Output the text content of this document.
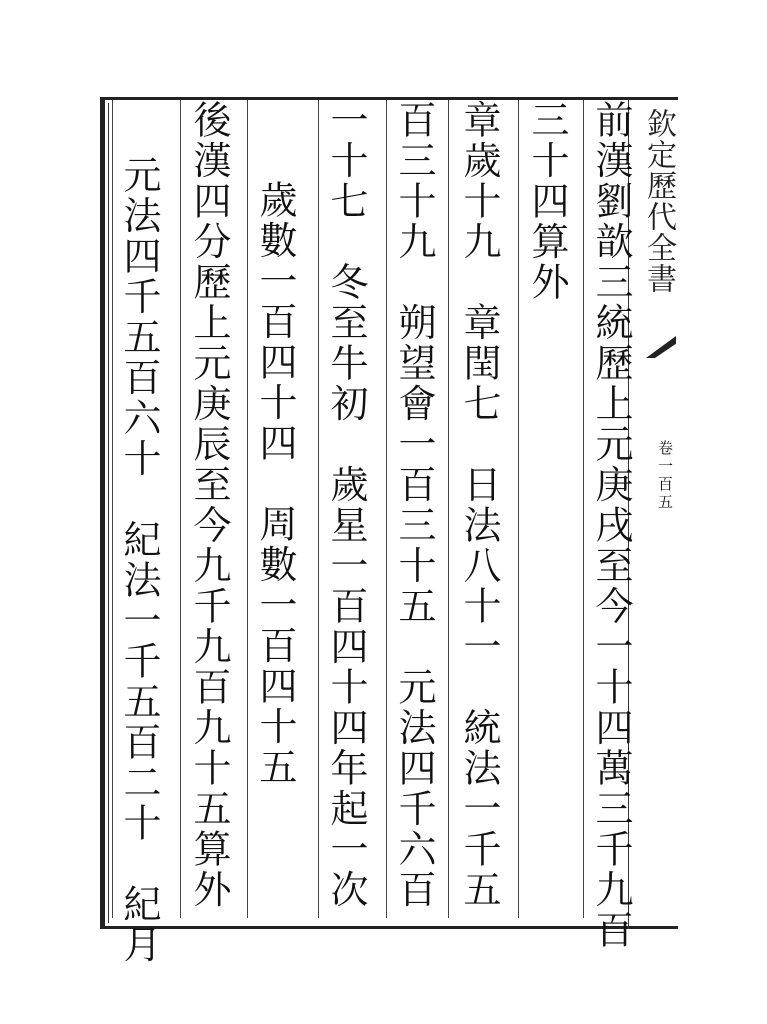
欽定歷代全書
卷一百五
前漢劉歆三統歷上元庚戌至今一十四萬三千九百
三十四算外
章歲十九　章閏七　日法八十一　統法一千五
百三十九　朔望會一百三十五　元法四千六百
一十七　冬至牛初　歲星一百四十四年起一次
歲數一百四十四　周數一百四十五
後漢四分歷上元庚辰至今九千九百九十五算外
元法四千五百六十　紀法一千五百二十　紀月
